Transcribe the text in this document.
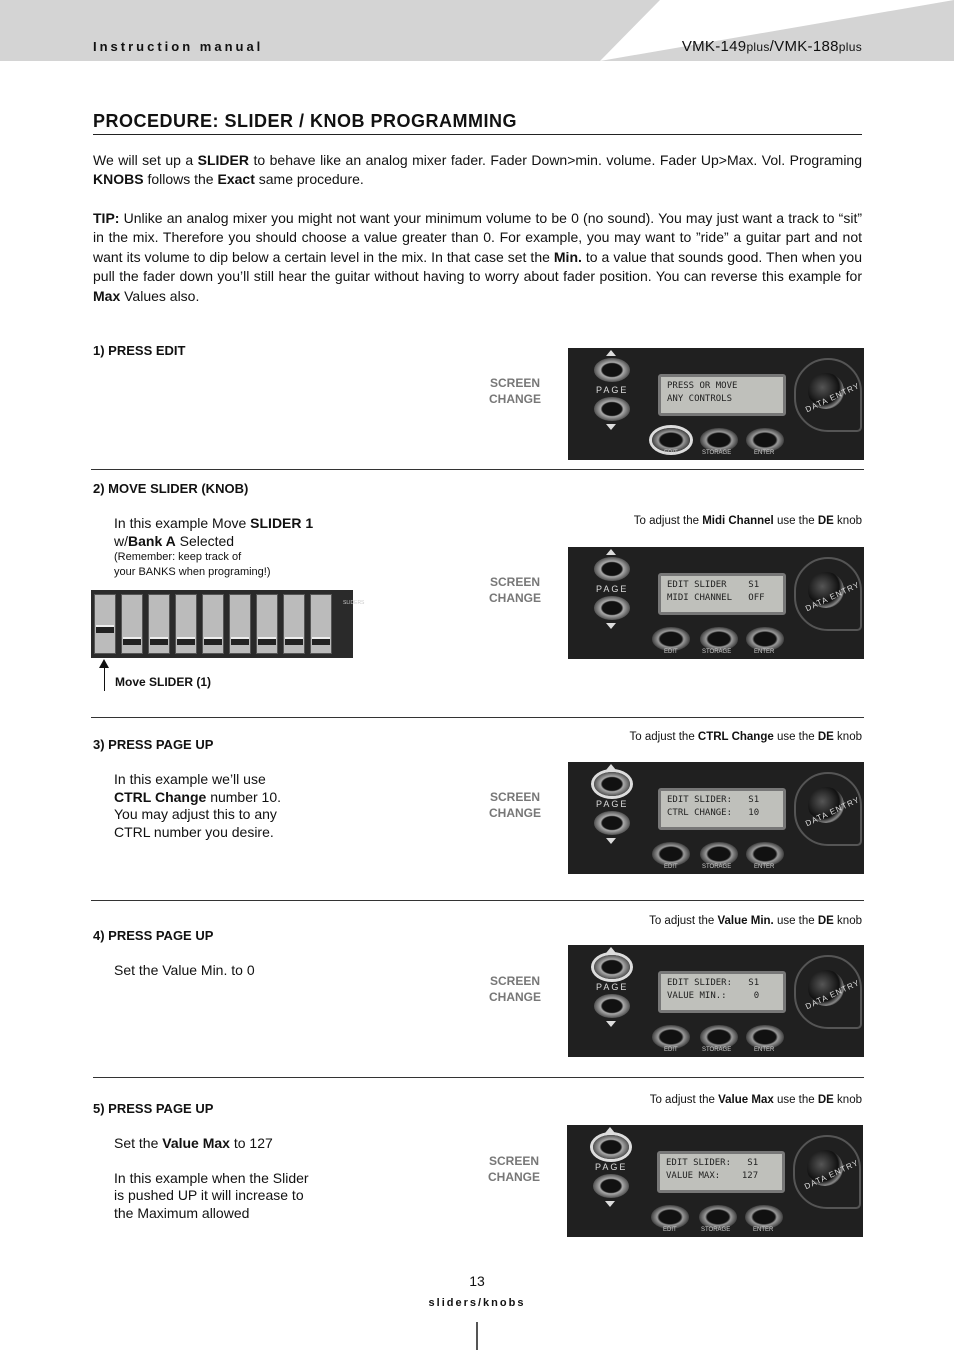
Instruction manual	VMK-149plus/VMK-188plus
PROCEDURE: SLIDER / KNOB PROGRAMMING
We will set up a SLIDER to behave like an analog mixer fader. Fader Down>min. volume. Fader Up>Max. Vol. Programing KNOBS follows the Exact same procedure.
TIP: Unlike an analog mixer you might not want your minimum volume to be 0 (no sound). You may just want a track to “sit” in the mix. Therefore you should choose a value greater than 0. For example, you may want to ”ride” a guitar part and not want its volume to dip below a certain level in the mix. In that case set the Min. to a value that sounds good. Then when you pull the fader down you’ll still hear the guitar without having to worry about fader position. You can reverse this example for Max Values also.
1) PRESS EDIT
SCREEN
CHANGE
PAGE	PRESS OR MOVE
ANY CONTROLS	DATA ENTRY
EDIT	STORAGE	ENTER
2) MOVE SLIDER (KNOB)
In this example Move SLIDER 1
w/Bank A Selected
(Remember: keep track of
your BANKS when programing!)
SLIDERS
Move SLIDER (1)
To adjust the Midi Channel use the DE knob
SCREEN
CHANGE
PAGE	EDIT SLIDER    S1
MIDI CHANNEL   OFF	DATA ENTRY
EDIT	STORAGE	ENTER
3) PRESS PAGE UP
In this example we’ll use
CTRL Change number 10.
You may adjust this to any
CTRL number you desire.
To adjust the CTRL Change use the DE knob
SCREEN
CHANGE
PAGE	EDIT SLIDER:   S1
CTRL CHANGE:   10	DATA ENTRY
EDIT	STORAGE	ENTER
4) PRESS PAGE UP
Set the Value Min. to 0
To adjust the Value Min. use the DE knob
SCREEN
CHANGE
PAGE	EDIT SLIDER:   S1
VALUE MIN.:     0	DATA ENTRY
EDIT	STORAGE	ENTER
5) PRESS PAGE UP
Set the Value Max to 127
In this example when the Slider
is pushed UP it will increase to
the Maximum allowed
To adjust the Value Max use the DE knob
SCREEN
CHANGE
PAGE	EDIT SLIDER:   S1
VALUE MAX:    127	DATA ENTRY
EDIT	STORAGE	ENTER
13
sliders/knobs
